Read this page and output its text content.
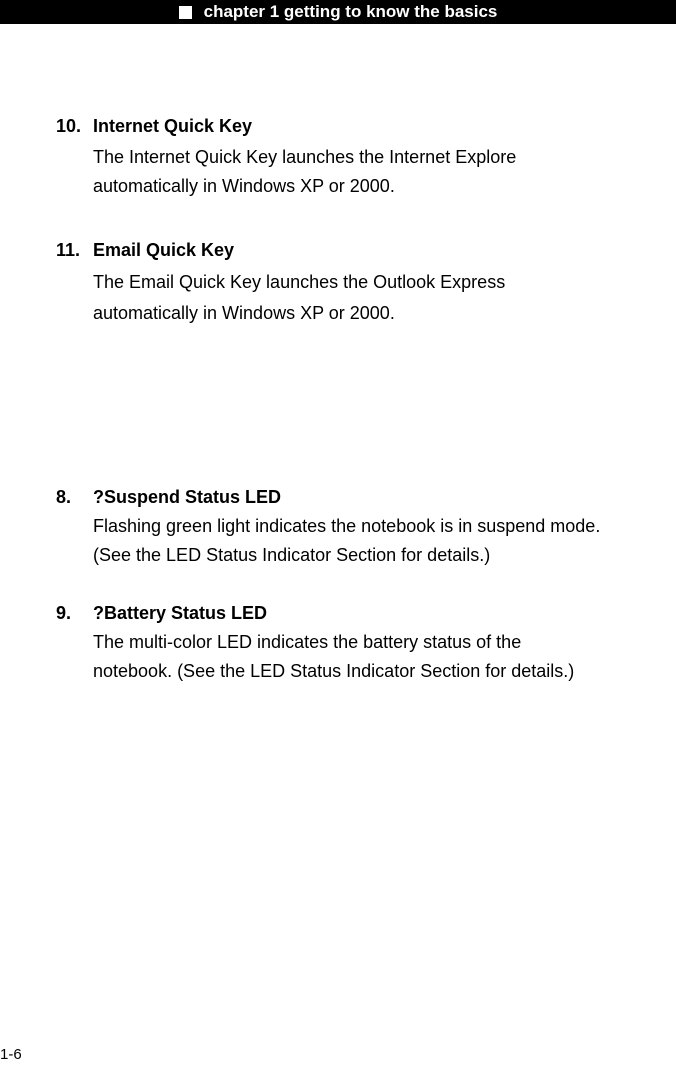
chapter 1 getting to know the basics
10. Internet Quick Key
The Internet Quick Key launches the Internet Explore
automatically in Windows XP or 2000.
11. Email Quick Key
The Email Quick Key launches the Outlook Express
automatically in Windows XP or 2000.
8.	?Suspend Status LED
Flashing green light indicates the notebook is in suspend mode.
(See the LED Status Indicator Section for details.)
9.	?Battery Status LED
The multi-color LED indicates the battery status of the
notebook. (See the LED Status Indicator Section for details.)
1-6
